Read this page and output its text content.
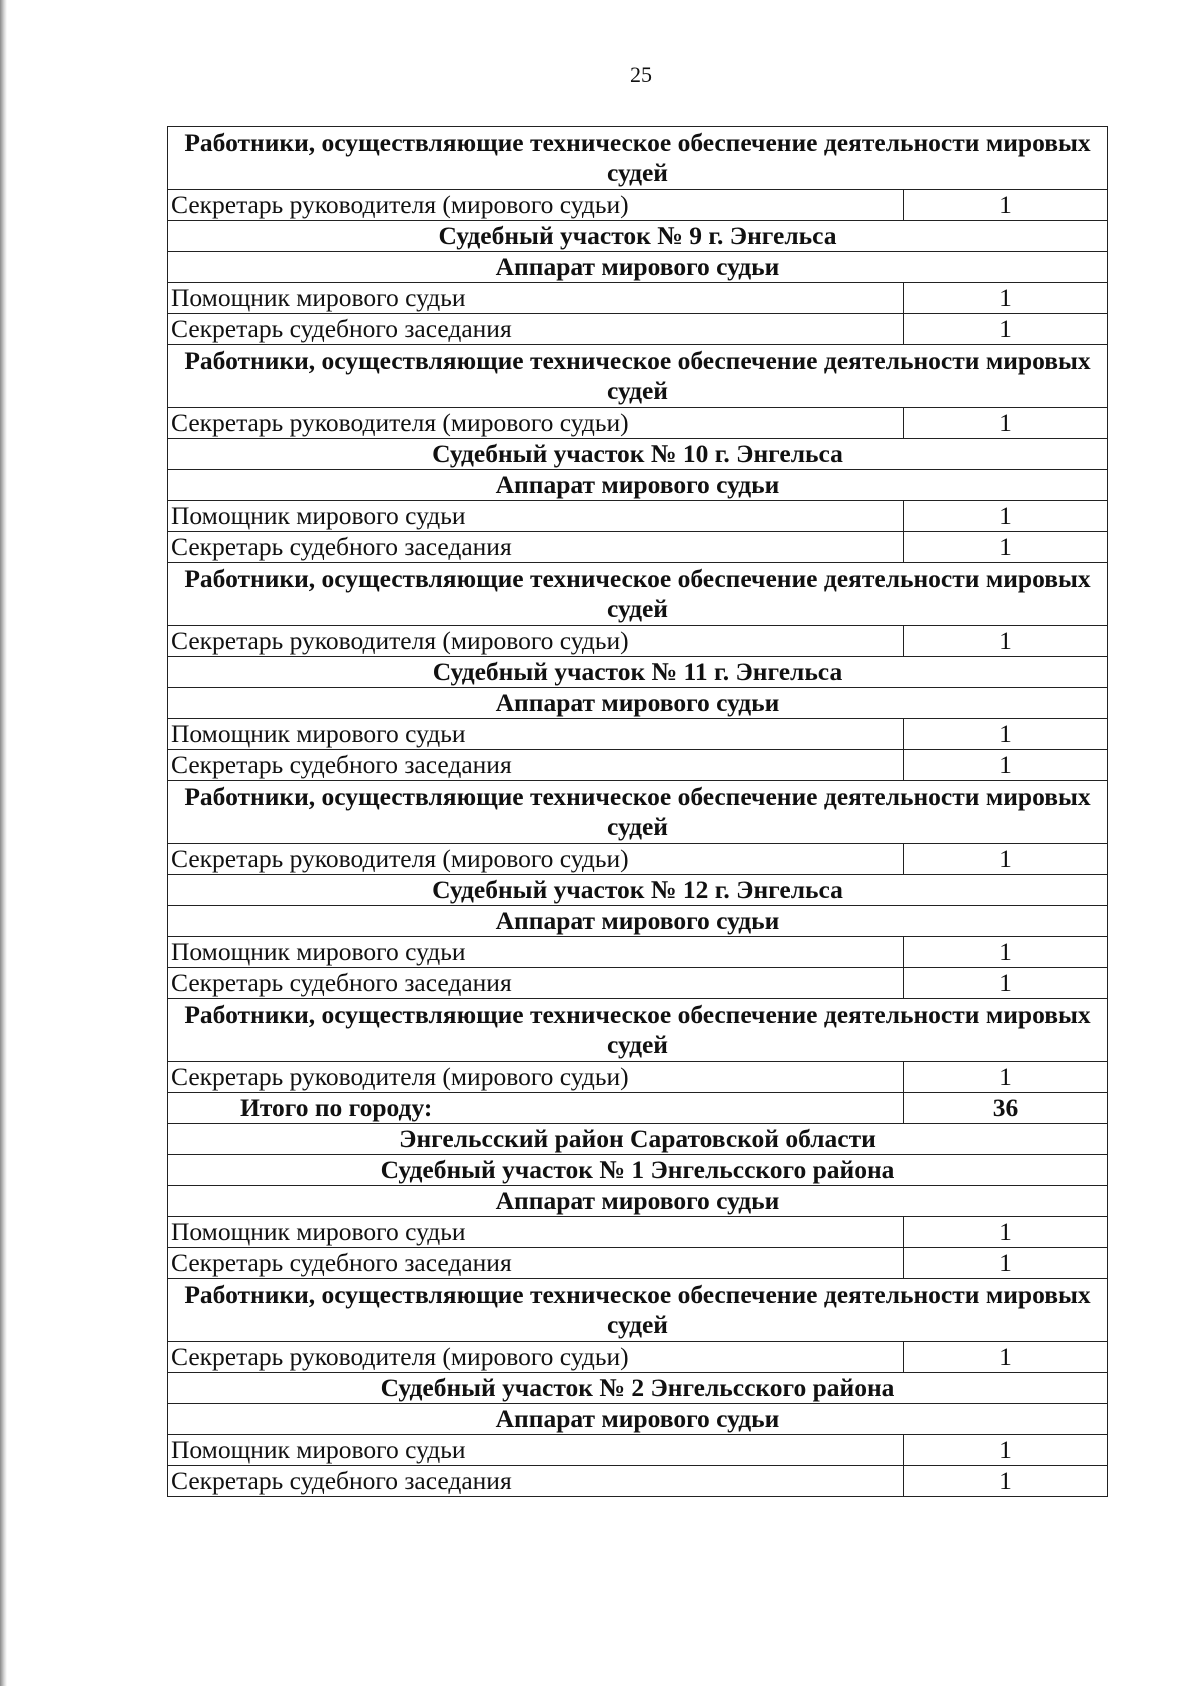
25
Работники, осуществляющие техническое обеспечение деятельности мировых судей	
Секретарь руководителя (мирового судьи)	1
Судебный участок № 9 г. Энгельса	
Аппарат мирового судьи	
Помощник мирового судьи	1
Секретарь судебного заседания	1
Работники, осуществляющие техническое обеспечение деятельности мировых судей	
Секретарь руководителя (мирового судьи)	1
Судебный участок № 10 г. Энгельса	
Аппарат мирового судьи	
Помощник мирового судьи	1
Секретарь судебного заседания	1
Работники, осуществляющие техническое обеспечение деятельности мировых судей	
Секретарь руководителя (мирового судьи)	1
Судебный участок № 11 г. Энгельса	
Аппарат мирового судьи	
Помощник мирового судьи	1
Секретарь судебного заседания	1
Работники, осуществляющие техническое обеспечение деятельности мировых судей	
Секретарь руководителя (мирового судьи)	1
Судебный участок № 12 г. Энгельса	
Аппарат мирового судьи	
Помощник мирового судьи	1
Секретарь судебного заседания	1
Работники, осуществляющие техническое обеспечение деятельности мировых судей	
Секретарь руководителя (мирового судьи)	1
Итого по городу:	36
Энгельсский район Саратовской области	
Судебный участок № 1 Энгельсского района	
Аппарат мирового судьи	
Помощник мирового судьи	1
Секретарь судебного заседания	1
Работники, осуществляющие техническое обеспечение деятельности мировых судей	
Секретарь руководителя (мирового судьи)	1
Судебный участок № 2 Энгельсского района	
Аппарат мирового судьи	
Помощник мирового судьи	1
Секретарь судебного заседания	1
